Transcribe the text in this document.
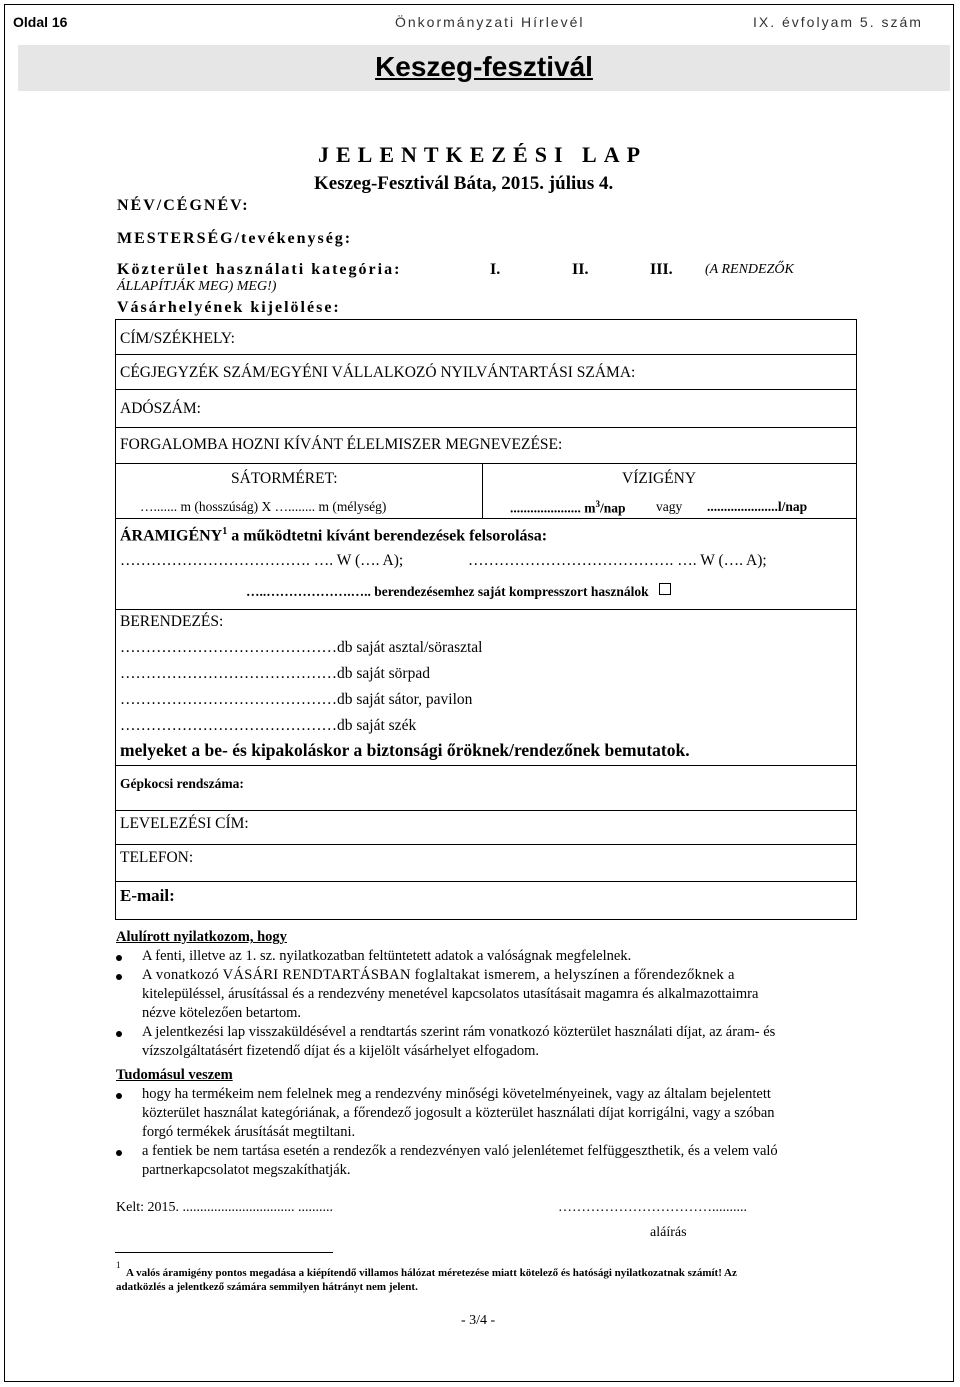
Oldal 16	Önkormányzati Hírlevél	IX. évfolyam 5. szám
Keszeg-fesztivál
JELENTKEZÉSI LAP
Keszeg-Fesztivál Báta, 2015. július 4.
NÉV/CÉGNÉV:
MESTERSÉG/tevékenység:
Közterület használati kategória:	I.	II.	III. (A RENDEZŐK
ÁLLAPÍTJÁK MEG) MEG!)
Vásárhelyének kijelölése:
CÍM/SZÉKHELY:
CÉGJEGYZÉK SZÁM/EGYÉNI VÁLLALKOZÓ NYILVÁNTARTÁSI SZÁMA:
ADÓSZÁM:
FORGALOMBA HOZNI KÍVÁNT ÉLELMISZER MEGNEVEZÉSE:
SÁTORMÉRET:	VÍZIGÉNY
…....... m (hosszúság) X …........ m (mélység)	..................... $m^3$/nap vagy .....................l/nap
ÁRAMIGÉNY$^1$ a működtetni kívánt berendezések felsorolása:
………………………………. …. W (…. A);	…………………………………. …. W (…. A);
…..……………….….. berendezésemhez saját kompresszort használok
BERENDEZÉS:
……………………………………db saját asztal/sörasztal
……………………………………db saját sörpad
……………………………………db saját sátor, pavilon
……………………………………db saját szék
melyeket a be- és kipakoláskor a biztonsági őröknek/rendezőnek bemutatok.
Gépkocsi rendszáma:
LEVELEZÉSI CÍM:
TELEFON:
E-mail:
Alulírott nyilatkozom, hogy
A fenti, illetve az 1. sz. nyilatkozatban feltüntetett adatok a valóságnak megfelelnek.
A vonatkozó VÁSÁRI RENDTARTÁSBAN foglaltakat ismerem, a helyszínen a főrendezőknek a
kitelepüléssel, árusítással és a rendezvény menetével kapcsolatos utasításait magamra és alkalmazottaimra
nézve kötelezően betartom.
A jelentkezési lap visszaküldésével a rendtartás szerint rám vonatkozó közterület használati díjat, az áram- és
vízszolgáltatásért fizetendő díjat és a kijelölt vásárhelyet elfogadom.
Tudomásul veszem
hogy ha termékeim nem felelnek meg a rendezvény minőségi követelményeinek, vagy az általam bejelentett
közterület használat kategóriának, a főrendező jogosult a közterület használati díjat korrigálni, vagy a szóban
forgó termékek árusítását megtiltani.
a fentiek be nem tartása esetén a rendezők a rendezvényen való jelenlétemet felfüggeszthetik, és a velem való
partnerkapcsolatot megszakíthatják.
Kelt: 2015. ................................ ..........	……………………………..........
aláírás
1
A valós áramigény pontos megadása a kiépítendő villamos hálózat méretezése miatt kötelező és hatósági nyilatkozatnak számít! Az
adatközlés a jelentkező számára semmilyen hátrányt nem jelent.
- 3/4 -
